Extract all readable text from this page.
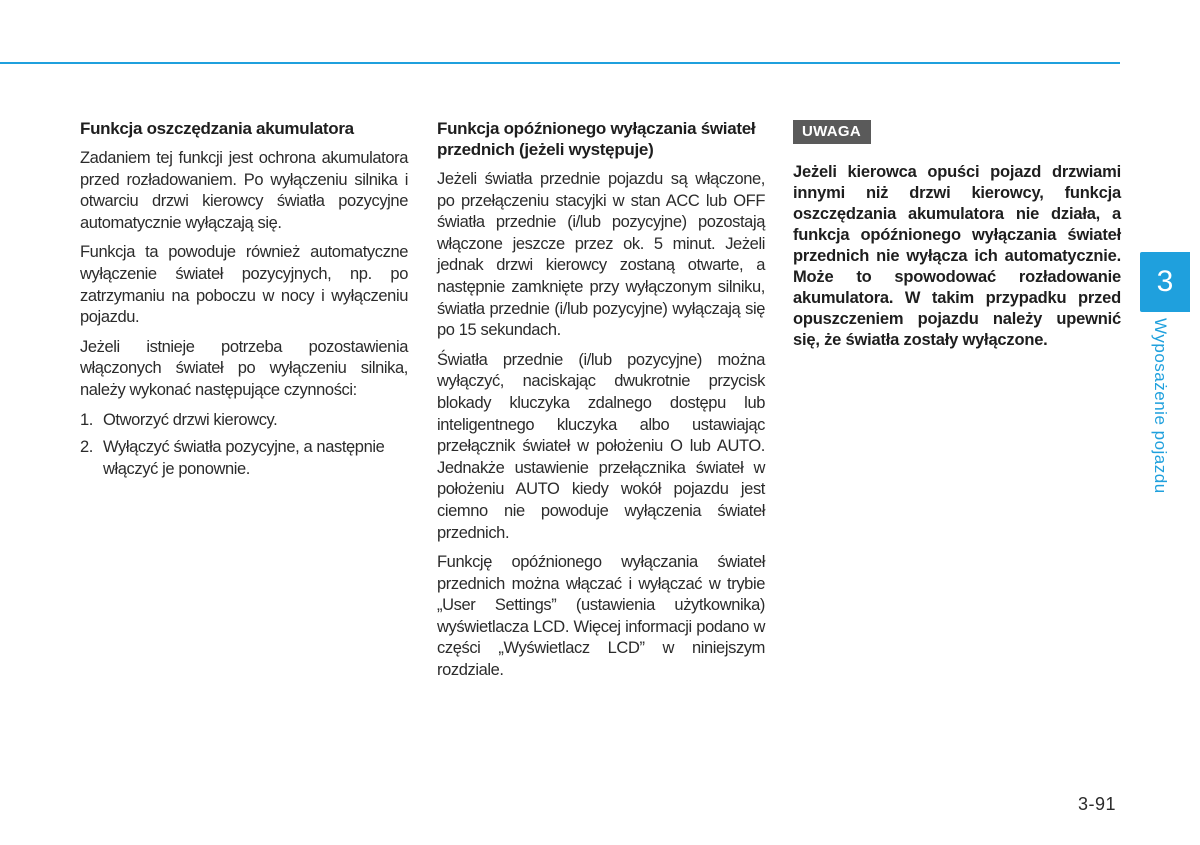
Funkcja oszczędzania akumulatora

Zadaniem tej funkcji jest ochrona akumulatora przed rozładowaniem. Po wyłączeniu silnika i otwarciu drzwi kierowcy światła pozycyjne automatycznie wyłączają się.

Funkcja ta powoduje również automatyczne wyłączenie świateł pozycyjnych, np. po zatrzymaniu na poboczu w nocy i wyłączeniu pojazdu.

Jeżeli istnieje potrzeba pozostawienia włączonych świateł po wyłączeniu silnika, należy wykonać następujące czynności:

1. Otworzyć drzwi kierowcy.
2. Wyłączyć światła pozycyjne, a następnie włączyć je ponownie.
Funkcja opóźnionego wyłączania świateł przednich (jeżeli występuje)

Jeżeli światła przednie pojazdu są włączone, po przełączeniu stacyjki w stan ACC lub OFF światła przednie (i/lub pozycyjne) pozostają włączone jeszcze przez ok. 5 minut. Jeżeli jednak drzwi kierowcy zostaną otwarte, a następnie zamknięte przy wyłączonym silniku, światła przednie (i/lub pozycyjne) wyłączają się po 15 sekundach.

Światła przednie (i/lub pozycyjne) można wyłączyć, naciskając dwukrotnie przycisk blokady kluczyka zdalnego dostępu lub inteligentnego kluczyka albo ustawiając przełącznik świateł w położeniu O lub AUTO. Jednakże ustawienie przełącznika świateł w położeniu AUTO kiedy wokół pojazdu jest ciemno nie powoduje wyłączenia świateł przednich.

Funkcję opóźnionego wyłączania świateł przednich można włączać i wyłączać w trybie „User Settings” (ustawienia użytkownika) wyświetlacza LCD. Więcej informacji podano w części „Wyświetlacz LCD” w niniejszym rozdziale.

UWAGA

Jeżeli kierowca opuści pojazd drzwiami innymi niż drzwi kierowcy, funkcja oszczędzania akumulatora nie działa, a funkcja opóźnionego wyłączania świateł przednich nie wyłącza ich automatycznie. Może to spowodować rozładowanie akumulatora. W takim przypadku przed opuszczeniem pojazdu należy upewnić się, że światła zostały wyłączone.

3
Wyposażenie pojazdu
3-91
